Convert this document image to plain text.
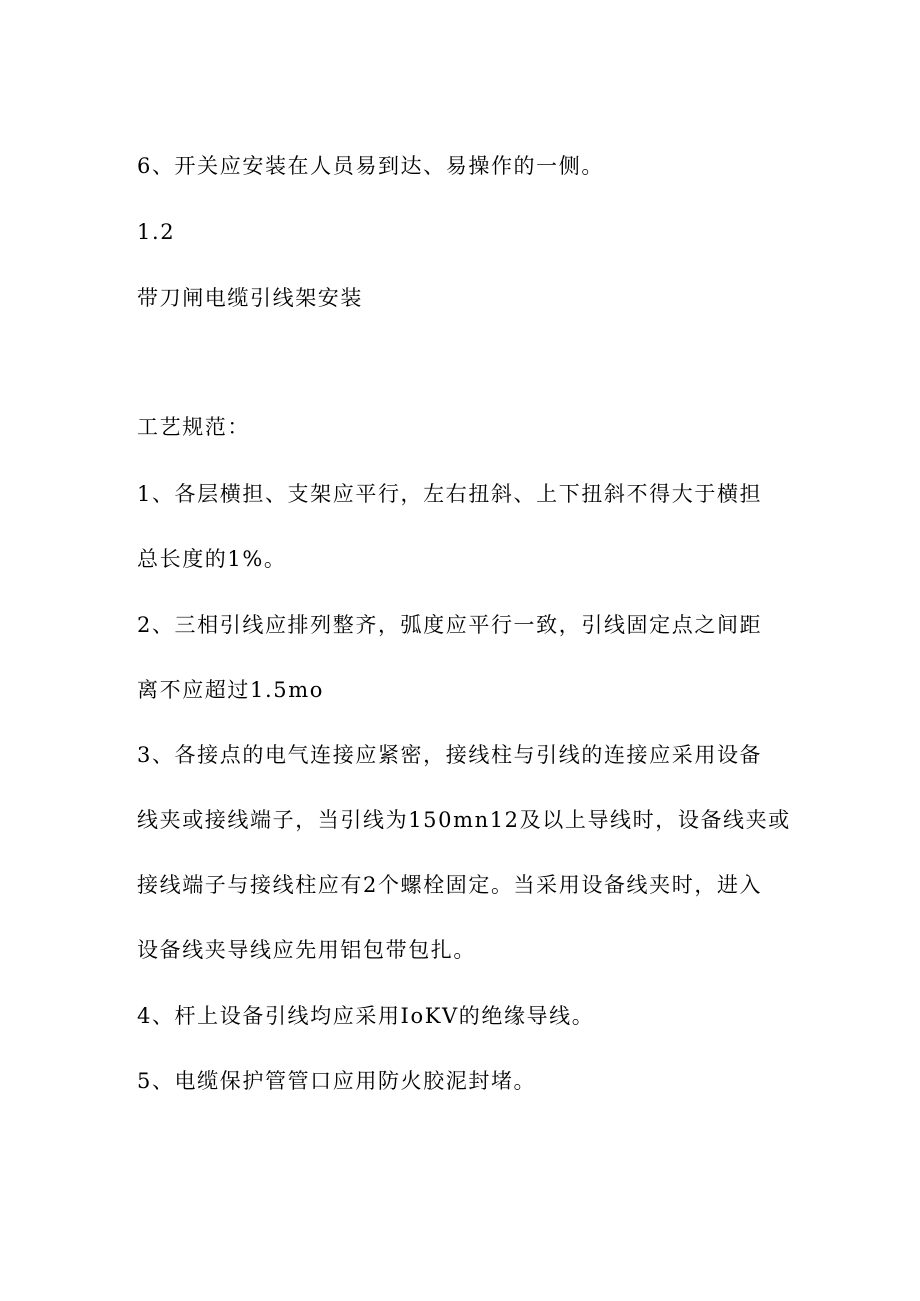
6、开关应安装在人员易到达、易操作的一侧。
1.2
带刀闸电缆引线架安装
工艺规范：
1、各层横担、支架应平行，左右扭斜、上下扭斜不得大于横担
总长度的1%。
2、三相引线应排列整齐，弧度应平行一致，引线固定点之间距
离不应超过1.5mo
3、各接点的电气连接应紧密，接线柱与引线的连接应采用设备
线夹或接线端子，当引线为150mn12及以上导线时，设备线夹或
接线端子与接线柱应有2个螺栓固定。当采用设备线夹时，进入
设备线夹导线应先用铝包带包扎。
4、杆上设备引线均应采用IoKV的绝缘导线。
5、电缆保护管管口应用防火胶泥封堵。
